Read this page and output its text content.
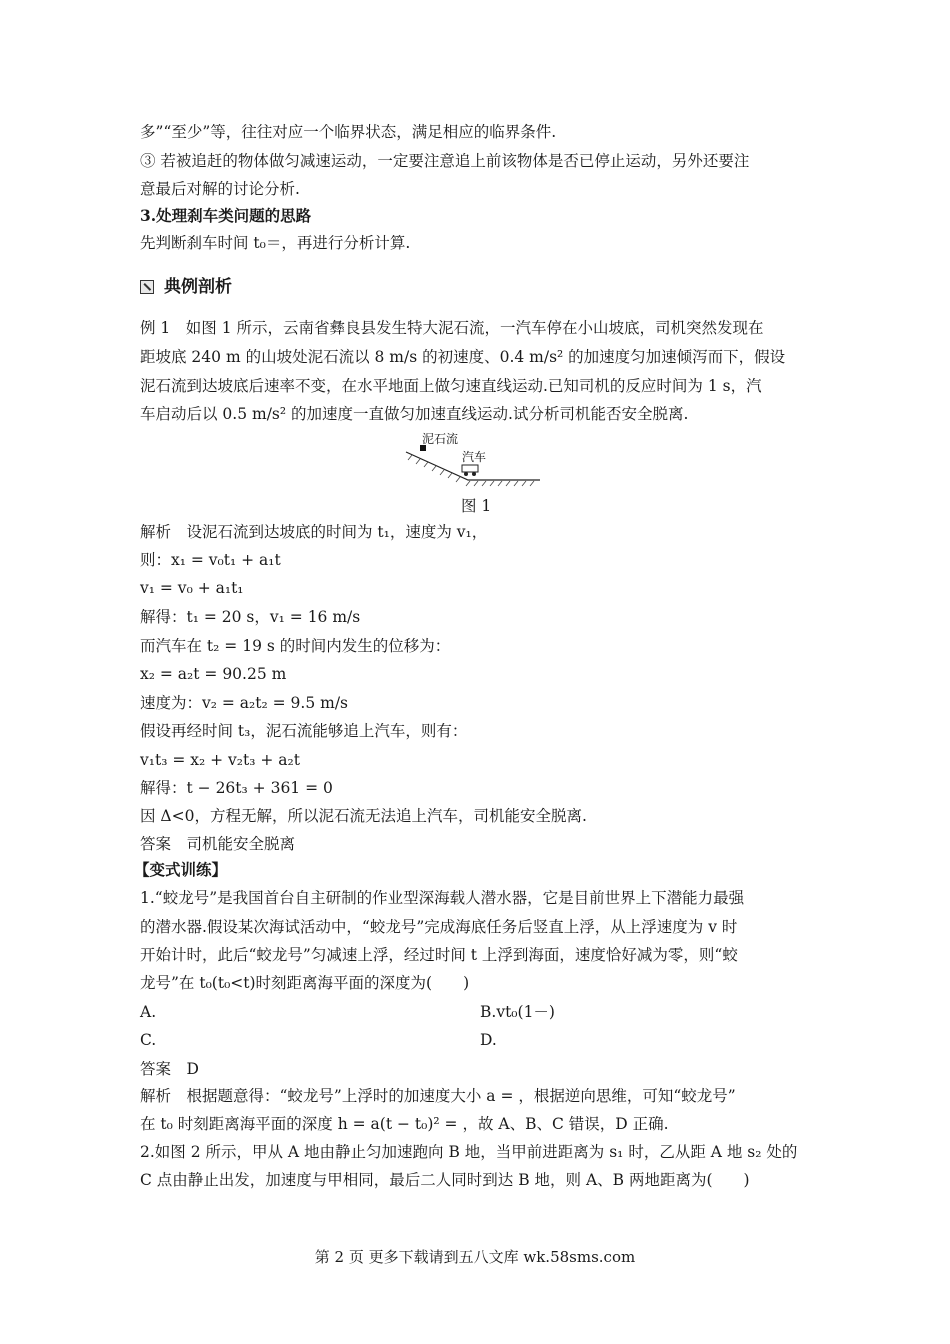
多”“至少”等，往往对应一个临界状态，满足相应的临界条件.
③ 若被追赶的物体做匀减速运动，一定要注意追上前该物体是否已停止运动，另外还要注
意最后对解的讨论分析.
3.处理刹车类问题的思路
先判断刹车时间 t₀＝，再进行分析计算.
典例剖析
例 1　如图 1 所示，云南省彝良县发生特大泥石流，一汽车停在小山坡底，司机突然发现在
距坡底 240 m 的山坡处泥石流以 8 m/s 的初速度、0.4 m/s² 的加速度匀加速倾泻而下，假设
泥石流到达坡底后速率不变，在水平地面上做匀速直线运动.已知司机的反应时间为 1 s，汽
车启动后以 0.5 m/s² 的加速度一直做匀加速直线运动.试分析司机能否安全脱离.
泥石流
汽车
图 1
解析　设泥石流到达坡底的时间为 t₁，速度为 v₁，
则：x₁ = v₀t₁ + a₁t
v₁ = v₀ + a₁t₁
解得：t₁ = 20 s，v₁ = 16 m/s
而汽车在 t₂ = 19 s 的时间内发生的位移为：
x₂ = a₂t = 90.25 m
速度为：v₂ = a₂t₂ = 9.5 m/s
假设再经时间 t₃，泥石流能够追上汽车，则有：
v₁t₃ = x₂ + v₂t₃ + a₂t
解得：t − 26t₃ + 361 = 0
因 Δ<0，方程无解，所以泥石流无法追上汽车，司机能安全脱离.
答案　司机能安全脱离
【变式训练】
1.“蛟龙号”是我国首台自主研制的作业型深海载人潜水器，它是目前世界上下潜能力最强
的潜水器.假设某次海试活动中，“蛟龙号”完成海底任务后竖直上浮，从上浮速度为 v 时
开始计时，此后“蛟龙号”匀减速上浮，经过时间 t 上浮到海面，速度恰好减为零，则“蛟
龙号”在 t₀(t₀<t)时刻距离海平面的深度为(　　)
A.	B.vt₀(1－)
C.	D.
答案　D
解析　根据题意得：“蛟龙号”上浮时的加速度大小 a = ，根据逆向思维，可知“蛟龙号”
在 t₀ 时刻距离海平面的深度 h = a(t − t₀)² = ，故 A、B、C 错误，D 正确.
2.如图 2 所示，甲从 A 地由静止匀加速跑向 B 地，当甲前进距离为 s₁ 时，乙从距 A 地 s₂ 处的
C 点由静止出发，加速度与甲相同，最后二人同时到达 B 地，则 A、B 两地距离为(　　)
第 2 页 更多下载请到五八文库 wk.58sms.com
